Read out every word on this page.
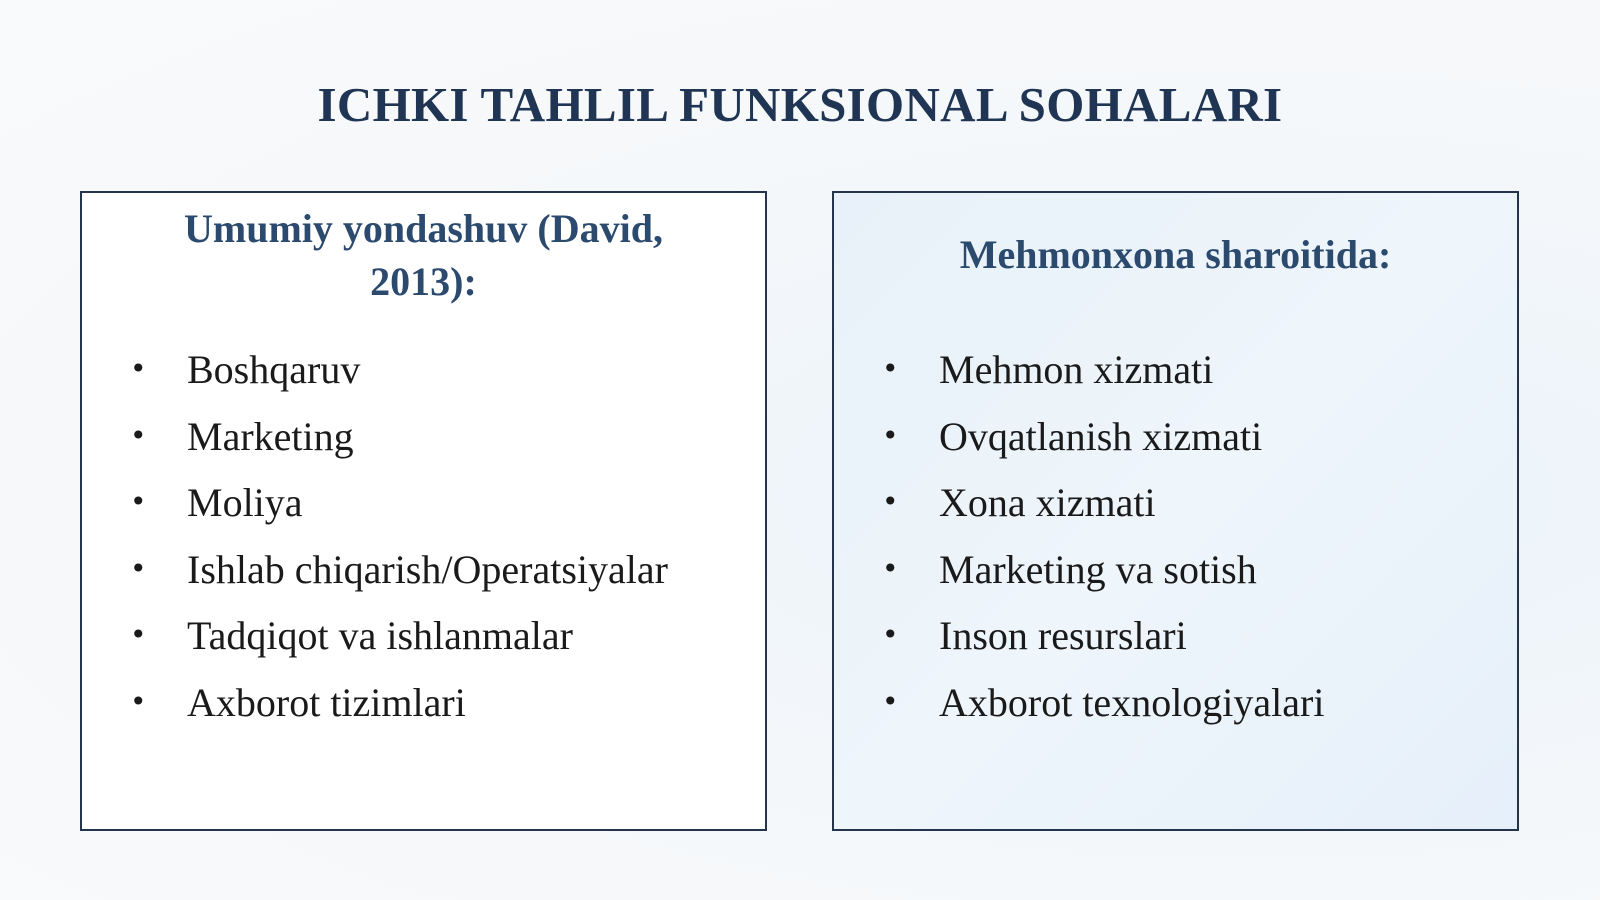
ICHKI TAHLIL FUNKSIONAL SOHALARI
Umumiy yondashuv (David, 2013):
• Boshqaruv
• Marketing
• Moliya
• Ishlab chiqarish/Operatsiyalar
• Tadqiqot va ishlanmalar
• Axborot tizimlari
Mehmonxona sharoitida:
• Mehmon xizmati
• Ovqatlanish xizmati
• Xona xizmati
• Marketing va sotish
• Inson resurslari
• Axborot texnologiyalari
